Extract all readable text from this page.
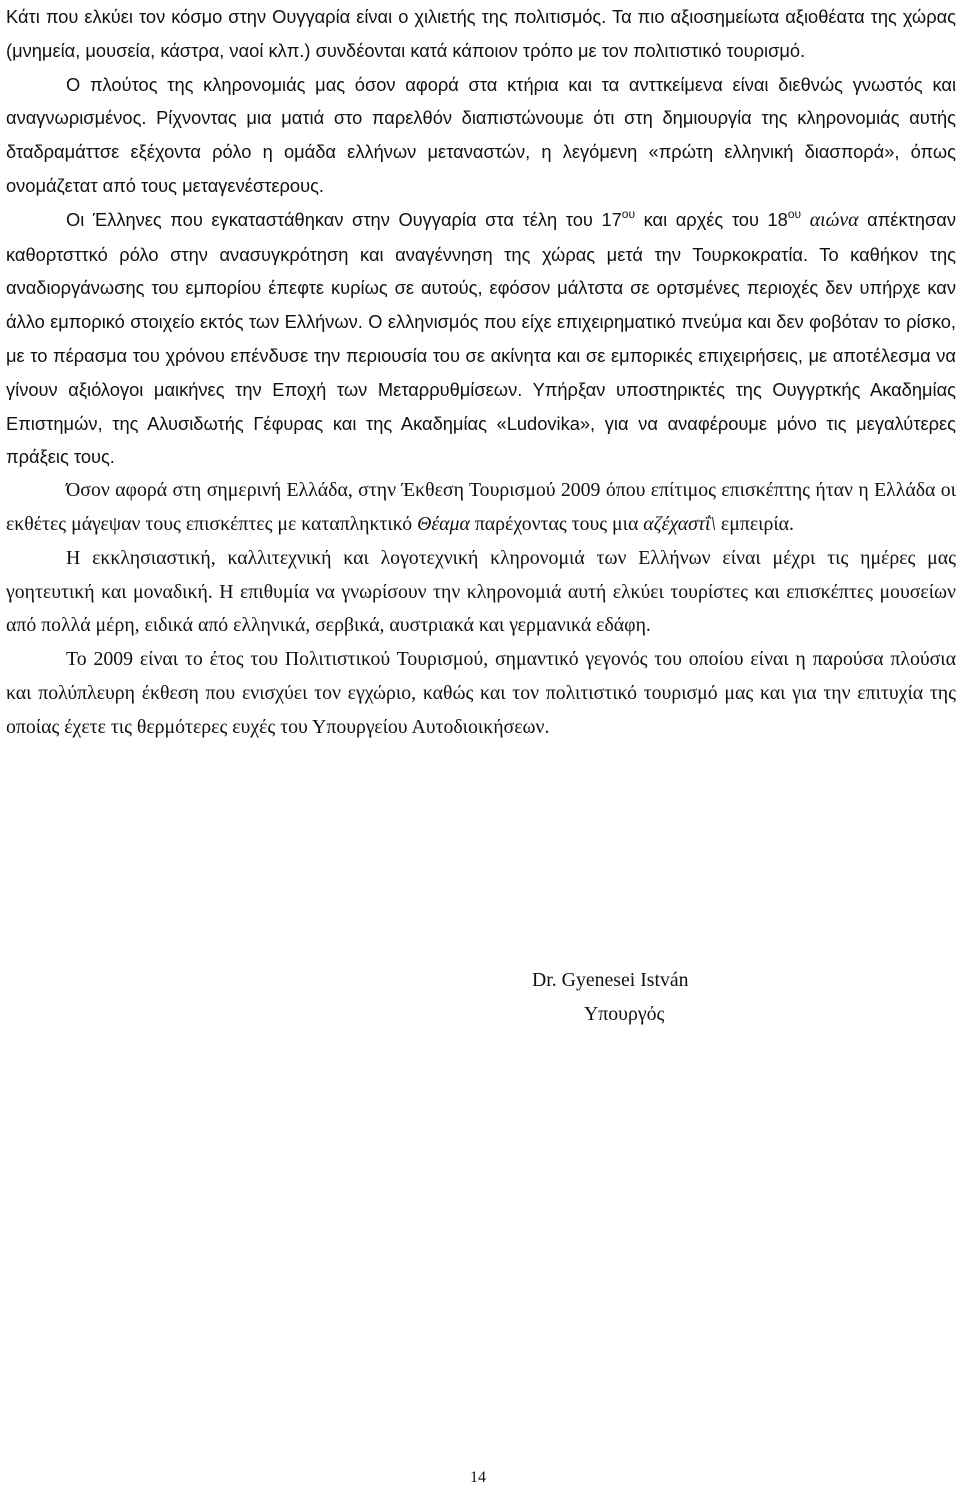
Κάτι που ελκύει τον κόσμο στην Ουγγαρία είναι ο χιλιετής της πολιτισμός. Τα πιο αξιοσημείωτα αξιοθέατα της χώρας (μνημεία, μουσεία, κάστρα, ναοί κλπ.) συνδέονται κατά κάποιον τρόπο με τον πολιτιστικό τουρισμό.

Ο πλούτος της κληρονομιάς μας όσον αφορά στα κτήρια και τα ανττκείμενα είναι διεθνώς γνωστός και αναγνωρισμένος. Ρίχνοντας μια ματιά στο παρελθόν διαπιστώνουμε ότι στη δημιουργία της κληρονομιάς αυτής δταδραμάττσε εξέχοντα ρόλο η ομάδα ελλήνων μεταναστών, η λεγόμενη «πρώτη ελληνική διασπορά», όπως ονομάζετατ από τους μεταγενέστερους.

Οι Έλληνες που εγκαταστάθηκαν στην Ουγγαρία στα τέλη του $17^{o\upsilon}$ και αρχές του $18^{o\upsilon}$ αιώνα απέκτησαν καθορτσττκό ρόλο στην ανασυγκρότηση και αναγέννηση της χώρας μετά την Τουρκοκρατία. Το καθήκον της αναδιοργάνωσης του εμπορίου έπεφτε κυρίως σε αυτούς, εφόσον μάλτστα σε ορτσμένες περιοχές δεν υπήρχε καν άλλο εμπορικό στοιχείο εκτός των Ελλήνων. Ο ελληνισμός που είχε επιχειρηματικό πνεύμα και δεν φοβόταν το ρίσκο, με το πέρασμα του χρόνου επένδυσε την περιουσία του σε ακίνητα και σε εμπορικές επιχειρήσεις, με αποτέλεσμα να γίνουν αξιόλογοι μαικήνες την Εποχή των Μεταρρυθμίσεων. Υπήρξαν υποστηρικτές της Ουγγρτκής Ακαδημίας Επιστημών, της Αλυσιδωτής Γέφυρας και της Ακαδημίας «Ludovika», για να αναφέρουμε μόνο τις μεγαλύτερες πράξεις τους.

Όσον αφορά στη σημερινή Ελλάδα, στην Έκθεση Τουρισμού 2009 όπου επίτιμος επισκέπτης ήταν η Ελλάδα οι εκθέτες μάγεψαν τους επισκέπτες με καταπληκτικό Θέαμα παρέχοντας τους μια αζέχαστΐ\ εμπειρία.

Η εκκλησιαστική, καλλιτεχνική και λογοτεχνική κληρονομιά των Ελλήνων είναι μέχρι τις ημέρες μας γοητευτική και μοναδική. Η επιθυμία να γνωρίσουν την κληρονομιά αυτή ελκύει τουρίστες και επισκέπτες μουσείων από πολλά μέρη, ειδικά από ελληνικά, σερβικά, αυστριακά και γερμανικά εδάφη.

Το 2009 είναι το έτος του Πολιτιστικού Τουρισμού, σημαντικό γεγονός του οποίου είναι η παρούσα πλούσια και πολύπλευρη έκθεση που ενισχύει τον εγχώριο, καθώς και τον πολιτιστικό τουρισμό μας και για την επιτυχία της οποίας έχετε τις θερμότερες ευχές του Υπουργείου Αυτοδιοικήσεων.

Dr. Gyenesei István
Υπουργός
14
